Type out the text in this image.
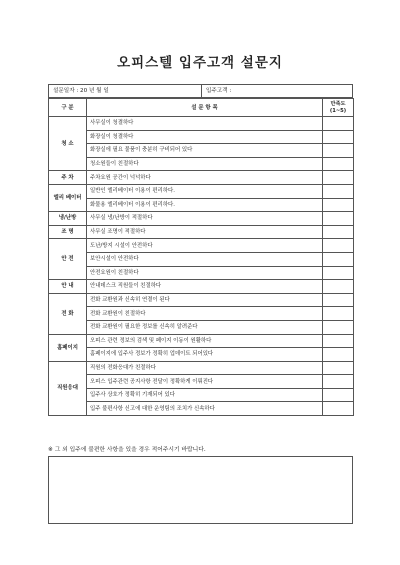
오피스텔 입주고객 설문지
설문일자 : 20 년 월 일	입주고객 :
구 분	설 문 항 목	만족도
(1~5)

청 소	사무실이 청결하다	
	화장실이 청결하다	
	화장실에 필요 물품이 충분히 구비되어 있다	
	청소원들이 친절하다	
주 차	주차요원 공간이 넉넉하다	
엘리 베이터	일반인 엘리베이터 이용이 편리하다.	
	화물용 엘리베이터 이용이 편리하다.	
냉/난방	사무실 냉/난방이 적절하다	
조 명	사무실 조명이 적절하다	
안 전	도난/방지 시설이 안전하다	
	보안시설이 안전하다	
	안전요원이 친절하다	
안 내	안내데스크 직원들이 친절하다	
전 화	전화 교환원과 신속히 연결이 된다	
	전화 교환원이 친절하다	
	전화 교환원이 필요한 정보를 신속히 알려준다	
홈페이지	오피스 관련 정보의 검색 및 페이지 이동이 원활하다	
	홈페이지에 입주사 정보가 정확히 업데이트 되어있다	
직원응대	직원의 전화응대가 친절하다	
	오피스 입주관련 공지사항 전달이 정확하게 이뤄진다	
	입주사 상호가 정확히 기재되어 있다	
	입주 불편사항 신고에 대한 운영팀의 조치가 신속하다	
※ 그 외 입주에 불편한 사항을 있을 경우 적어주시기 바랍니다.
